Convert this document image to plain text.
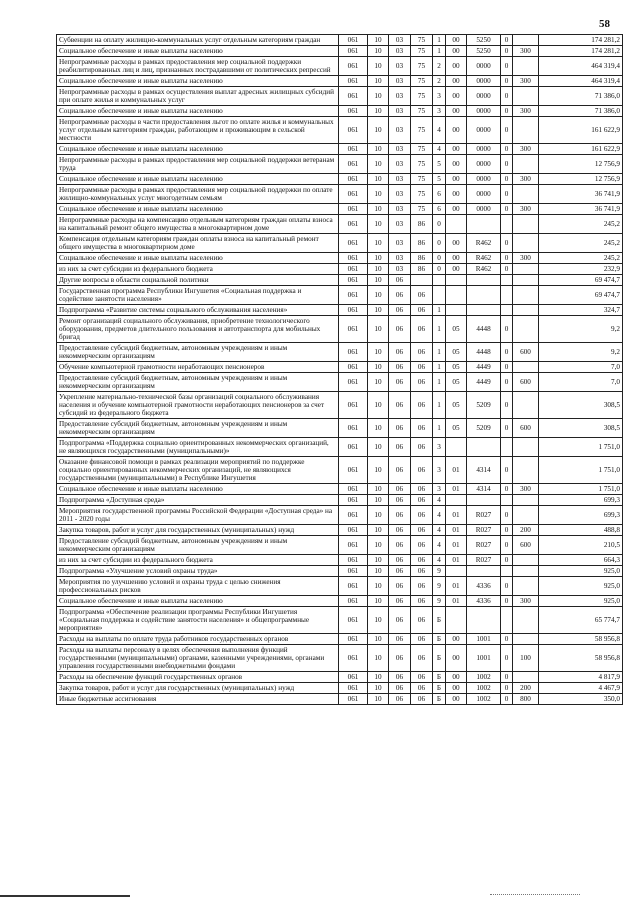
58
Субвенции на оплату жилищно-коммунальных услуг отдельным категориям граждан	061	10	03	75	1	00	5250	0		174 281,2
Социальное обеспечение и иные выплаты населению	061	10	03	75	1	00	5250	0	300	174 281,2
Непрограммные расходы в рамках предоставления мер социальной поддержки реабилитированных лиц и лиц, признанных пострадавшими от политических репрессий	061	10	03	75	2	00	0000	0		464 319,4
Социальное обеспечение и иные выплаты населению	061	10	03	75	2	00	0000	0	300	464 319,4
Непрограммные расходы в рамках осуществления выплат адресных жилищных субсидий при оплате жилья и коммунальных услуг	061	10	03	75	3	00	0000	0		71 386,0
Социальное обеспечение и иные выплаты населению	061	10	03	75	3	00	0000	0	300	71 386,0
Непрограммные расходы в части предоставления льгот по оплате жилья и коммунальных услуг отдельным категориям граждан, работающим и проживающим в сельской местности	061	10	03	75	4	00	0000	0		161 622,9
Социальное обеспечение и иные выплаты населению	061	10	03	75	4	00	0000	0	300	161 622,9
Непрограммные расходы в рамках предоставления мер социальной поддержки ветеранам труда	061	10	03	75	5	00	0000	0		12 756,9
Социальное обеспечение и иные выплаты населению	061	10	03	75	5	00	0000	0	300	12 756,9
Непрограммные расходы в рамках предоставления мер социальной поддержки по оплате жилищно-коммунальных услуг многодетным семьям	061	10	03	75	6	00	0000	0		36 741,9
Социальное обеспечение и иные выплаты населению	061	10	03	75	6	00	0000	0	300	36 741,9
Непрограммные расходы на компенсацию отдельным категориям граждан оплаты взноса на капитальный ремонт общего имущества в многоквартирном доме	061	10	03	86	0					245,2
Компенсация отдельным категориям граждан оплаты взноса на капитальный ремонт общего имущества в многоквартирном доме	061	10	03	86	0	00	R462	0		245,2
Социальное обеспечение и иные выплаты населению	061	10	03	86	0	00	R462	0	300	245,2
из них за счет субсидии из федерального бюджета	061	10	03	86	0	00	R462	0		232,9
Другие вопросы в области социальной политики	061	10	06							69 474,7
Государственная программа Республики Ингушетия «Социальная поддержка и содействие занятости населения»	061	10	06	06						69 474,7
Подпрограмма «Развитие системы социального обслуживания населения»	061	10	06	06	1					324,7
Ремонт организаций социального обслуживания, приобретение технологического оборудования, предметов длительного пользования и автотранспорта для мобильных бригад	061	10	06	06	1	05	4448	0		9,2
Предоставление субсидий бюджетным, автономным учреждениям и иным некоммерческим организациям	061	10	06	06	1	05	4448	0	600	9,2
Обучение компьютерной грамотности неработающих пенсионеров	061	10	06	06	1	05	4449	0		7,0
Предоставление субсидий бюджетным, автономным учреждениям и иным некоммерческим организациям	061	10	06	06	1	05	4449	0	600	7,0
Укрепление материально-технической базы организаций социального обслуживания населения и обучение компьютерной грамотности неработающих пенсионеров за счет субсидий из федерального бюджета	061	10	06	06	1	05	5209	0		308,5
Предоставление субсидий бюджетным, автономным учреждениям и иным некоммерческим организациям	061	10	06	06	1	05	5209	0	600	308,5
Подпрограмма «Поддержка социально ориентированных некоммерческих организаций, не являющихся государственными (муниципальными)»	061	10	06	06	3					1 751,0
Оказание финансовой помощи в рамках реализации мероприятий по поддержке социально ориентированных некоммерческих организаций, не являющихся государственными (муниципальными) в Республике Ингушетия	061	10	06	06	3	01	4314	0		1 751,0
Социальное обеспечение и иные выплаты населению	061	10	06	06	3	01	4314	0	300	1 751,0
Подпрограмма «Доступная среда»	061	10	06	06	4					699,3
Мероприятия государственной программы Российской Федерации «Доступная среда» на 2011 - 2020 годы	061	10	06	06	4	01	R027	0		699,3
Закупка товаров, работ и услуг для государственных (муниципальных) нужд	061	10	06	06	4	01	R027	0	200	488,8
Предоставление субсидий бюджетным, автономным учреждениям и иным некоммерческим организациям	061	10	06	06	4	01	R027	0	600	210,5
из них за счет субсидии из федерального бюджета	061	10	06	06	4	01	R027	0		664,3
Подпрограмма «Улучшение условий охраны труда»	061	10	06	06	9					925,0
Мероприятия по улучшению условий и охраны труда с целью снижения профессиональных рисков	061	10	06	06	9	01	4336	0		925,0
Социальное обеспечение и иные выплаты населению	061	10	06	06	9	01	4336	0	300	925,0
Подпрограмма «Обеспечение реализации программы Республики Ингушетия «Социальная поддержка и содействие занятости населения» и общепрограммные мероприятия»	061	10	06	06	Б					65 774,7
Расходы на выплаты по оплате труда работников государственных органов	061	10	06	06	Б	00	1001	0		58 956,8
Расходы на выплаты персоналу в целях обеспечения выполнения функций государственными (муниципальными) органами, казенными учреждениями, органами управления государственными внебюджетными фондами	061	10	06	06	Б	00	1001	0	100	58 956,8
Расходы на обеспечение функций государственных органов	061	10	06	06	Б	00	1002	0		4 817,9
Закупка товаров, работ и услуг для государственных (муниципальных) нужд	061	10	06	06	Б	00	1002	0	200	4 467,9
Иные бюджетные ассигнования	061	10	06	06	Б	00	1002	0	800	350,0
